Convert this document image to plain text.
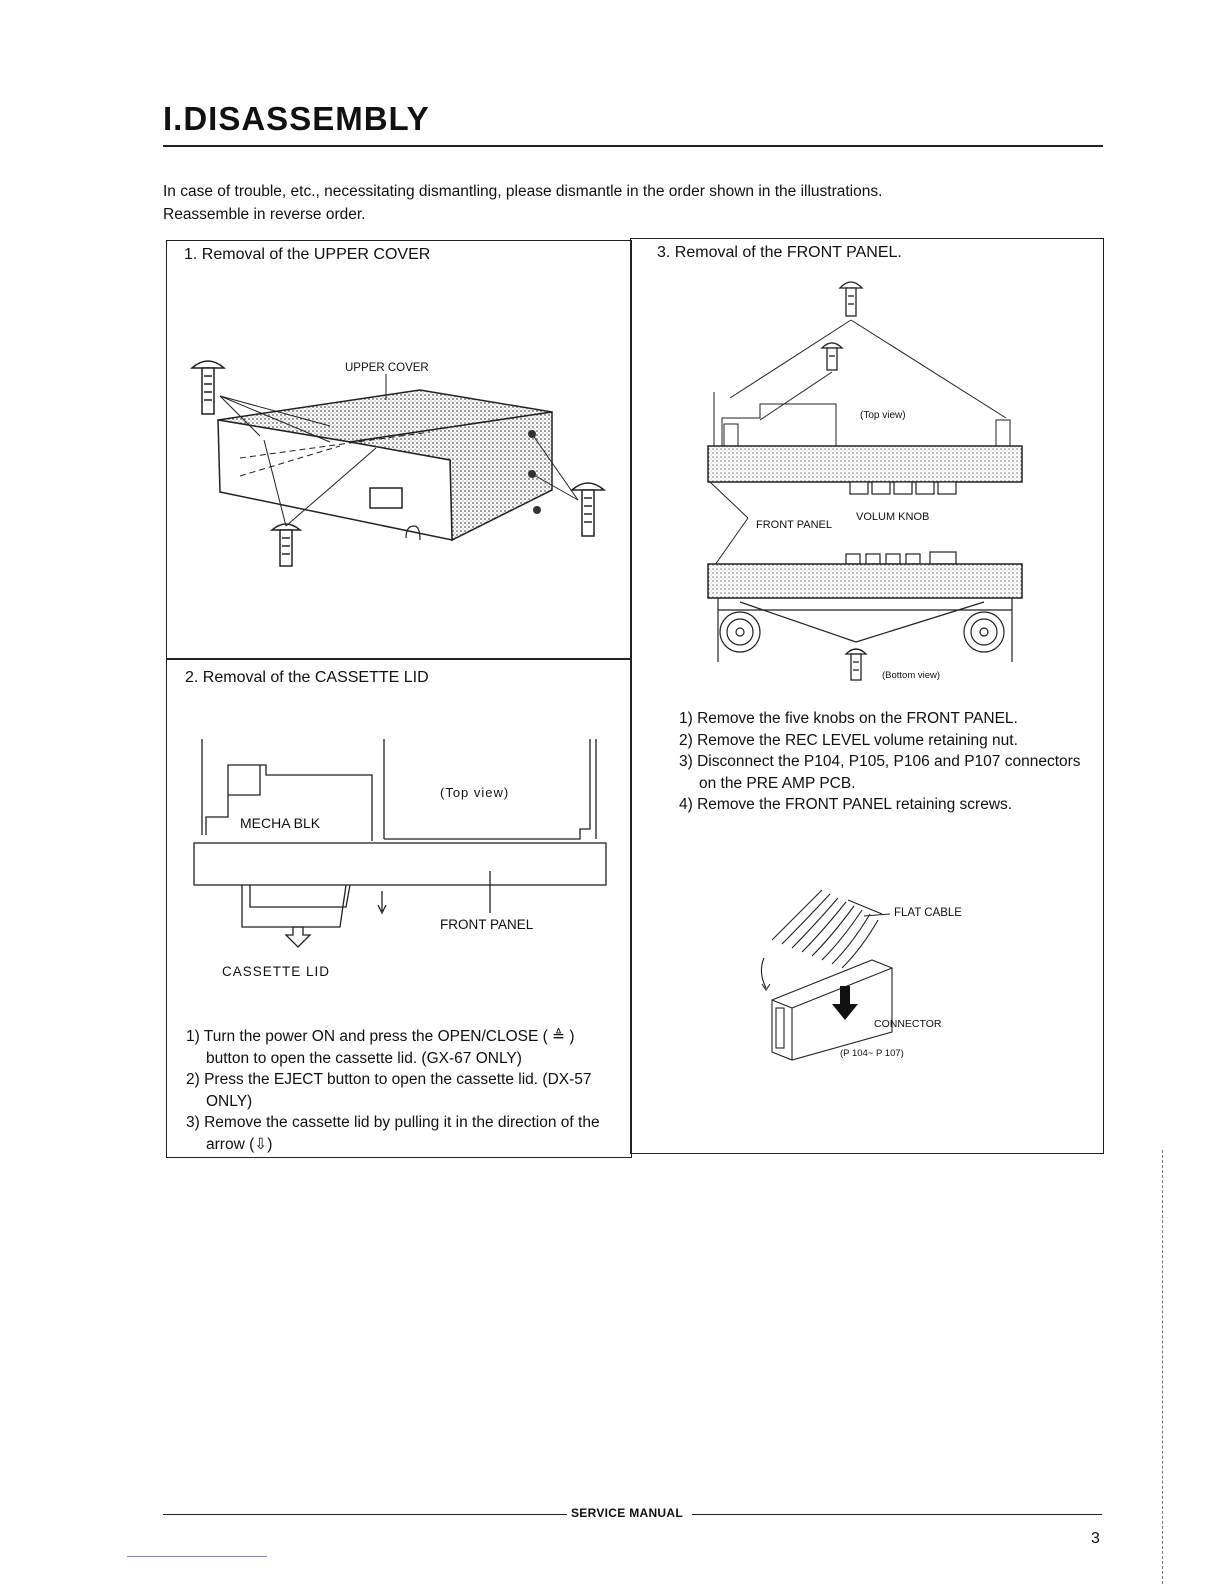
I.DISASSEMBLY
In case of trouble, etc., necessitating dismantling, please dismantle in the order shown in the illustrations.
Reassemble in reverse order.
1. Removal of the UPPER COVER
UPPER COVER
2. Removal of the CASSETTE LID
MECHA BLK
(Top view)
FRONT PANEL
CASSETTE LID
1) Turn the power ON and press the OPEN/CLOSE ( ≜ ) button to open the cassette lid. (GX-67 ONLY)
2) Press the EJECT button to open the cassette lid. (DX-57 ONLY)
3) Remove the cassette lid by pulling it in the direction of the arrow (⇩)
3. Removal of the FRONT PANEL.
FRONT PANEL
VOLUM KNOB
(Top view)
(Bottom view)
1) Remove the five knobs on the FRONT PANEL.
2) Remove the REC LEVEL volume retaining nut.
3) Disconnect the P104, P105, P106 and P107 connectors on the PRE AMP PCB.
4) Remove the FRONT PANEL retaining screws.
FLAT CABLE
CONNECTOR
(P 104~ P 107)
SERVICE MANUAL
3
